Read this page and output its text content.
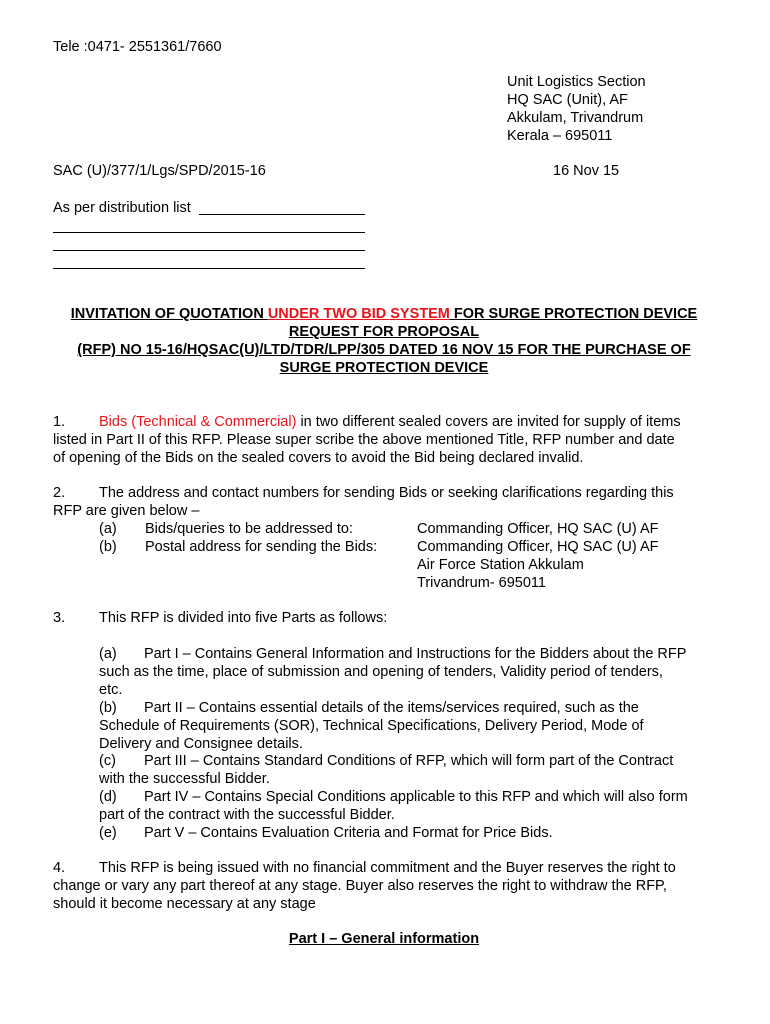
Tele :0471- 2551361/7660
Unit Logistics Section
HQ SAC (Unit), AF
Akkulam, Trivandrum
Kerala – 695011
SAC (U)/377/1/Lgs/SPD/2015-16	16 Nov 15
As per distribution list
INVITATION OF QUOTATION UNDER TWO BID SYSTEM FOR SURGE PROTECTION DEVICE
REQUEST FOR PROPOSAL
(RFP) NO 15-16/HQSAC(U)/LTD/TDR/LPP/305 DATED 16 NOV 15 FOR THE PURCHASE OF
SURGE PROTECTION DEVICE
1. Bids (Technical & Commercial) in two different sealed covers are invited for supply of items
listed in Part II of this RFP. Please super scribe the above mentioned Title, RFP number and date
of opening of the Bids on the sealed covers to avoid the Bid being declared invalid.
2. The address and contact numbers for sending Bids or seeking clarifications regarding this
RFP are given below –
(a) Bids/queries to be addressed to:	Commanding Officer, HQ SAC (U) AF
(b) Postal address for sending the Bids:	Commanding Officer, HQ SAC (U) AF
Air Force Station Akkulam
Trivandrum- 695011
3. This RFP is divided into five Parts as follows:
(a) Part I – Contains General Information and Instructions for the Bidders about the RFP
such as the time, place of submission and opening of tenders, Validity period of tenders,
etc.
(b) Part II – Contains essential details of the items/services required, such as the
Schedule of Requirements (SOR), Technical Specifications, Delivery Period, Mode of
Delivery and Consignee details.
(c) Part III – Contains Standard Conditions of RFP, which will form part of the Contract
with the successful Bidder.
(d) Part IV – Contains Special Conditions applicable to this RFP and which will also form
part of the contract with the successful Bidder.
(e) Part V – Contains Evaluation Criteria and Format for Price Bids.
4. This RFP is being issued with no financial commitment and the Buyer reserves the right to
change or vary any part thereof at any stage. Buyer also reserves the right to withdraw the RFP,
should it become necessary at any stage
Part I – General information
